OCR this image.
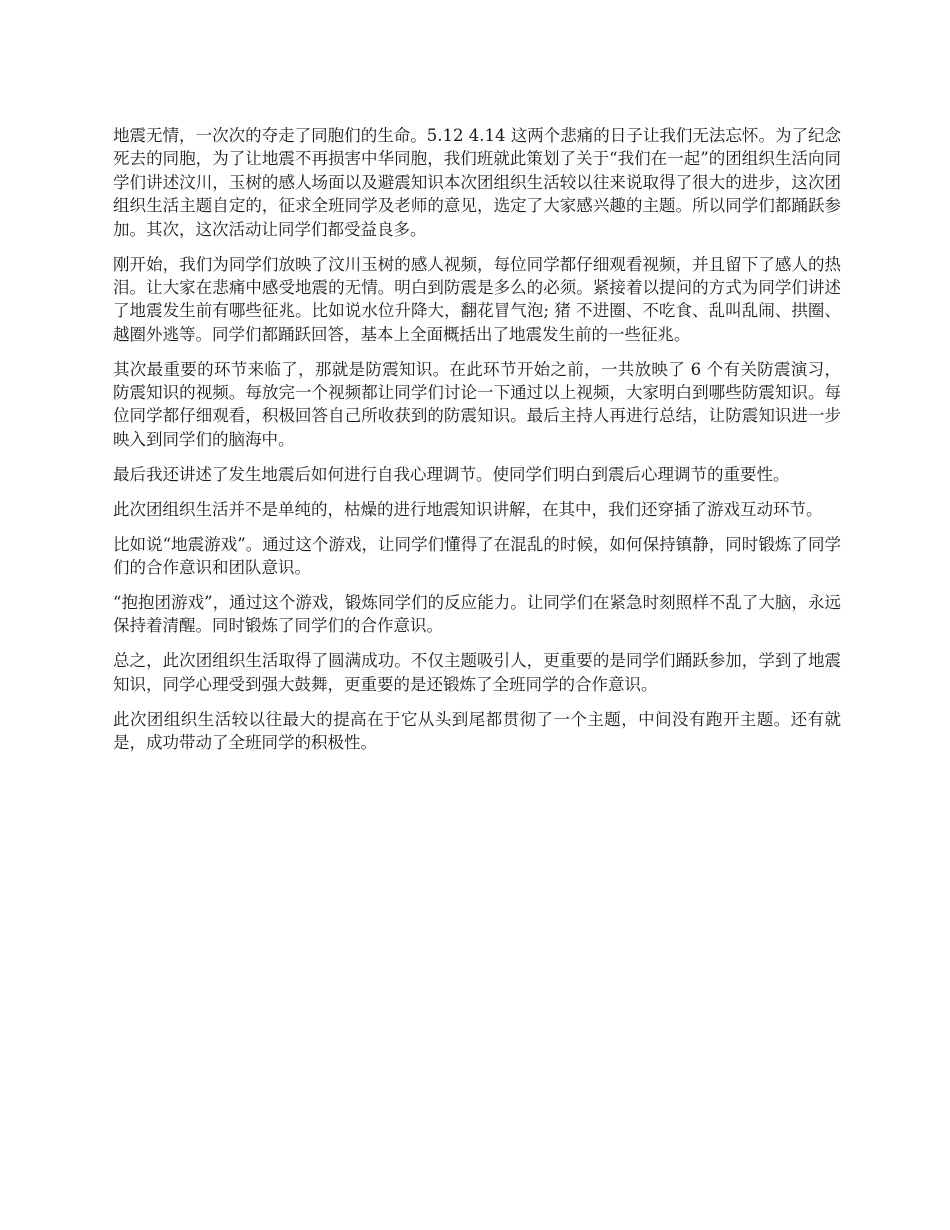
地震无情，一次次的夺走了同胞们的生命。5.12 4.14 这两个悲痛的日子让我们无法忘怀。为了纪念死去的同胞，为了让地震不再损害中华同胞，我们班就此策划了关于“我们在一起”的团组织生活向同学们讲述汶川，玉树的感人场面以及避震知识本次团组织生活较以往来说取得了很大的进步，这次团组织生活主题自定的，征求全班同学及老师的意见，选定了大家感兴趣的主题。所以同学们都踊跃参加。其次，这次活动让同学们都受益良多。

刚开始，我们为同学们放映了汶川玉树的感人视频，每位同学都仔细观看视频，并且留下了感人的热泪。让大家在悲痛中感受地震的无情。明白到防震是多么的必须。紧接着以提问的方式为同学们讲述了地震发生前有哪些征兆。比如说水位升降大，翻花冒气泡; 猪 不进圈、不吃食、乱叫乱闹、拱圈、越圈外逃等。同学们都踊跃回答，基本上全面概括出了地震发生前的一些征兆。

其次最重要的环节来临了，那就是防震知识。在此环节开始之前，一共放映了 6 个有关防震演习，防震知识的视频。每放完一个视频都让同学们讨论一下通过以上视频，大家明白到哪些防震知识。每位同学都仔细观看，积极回答自己所收获到的防震知识。最后主持人再进行总结，让防震知识进一步映入到同学们的脑海中。

最后我还讲述了发生地震后如何进行自我心理调节。使同学们明白到震后心理调节的重要性。

此次团组织生活并不是单纯的，枯燥的进行地震知识讲解，在其中，我们还穿插了游戏互动环节。

比如说“地震游戏”。通过这个游戏，让同学们懂得了在混乱的时候，如何保持镇静，同时锻炼了同学们的合作意识和团队意识。

“抱抱团游戏”，通过这个游戏，锻炼同学们的反应能力。让同学们在紧急时刻照样不乱了大脑，永远保持着清醒。同时锻炼了同学们的合作意识。

总之，此次团组织生活取得了圆满成功。不仅主题吸引人，更重要的是同学们踊跃参加，学到了地震知识，同学心理受到强大鼓舞，更重要的是还锻炼了全班同学的合作意识。

此次团组织生活较以往最大的提高在于它从头到尾都贯彻了一个主题，中间没有跑开主题。还有就是，成功带动了全班同学的积极性。
